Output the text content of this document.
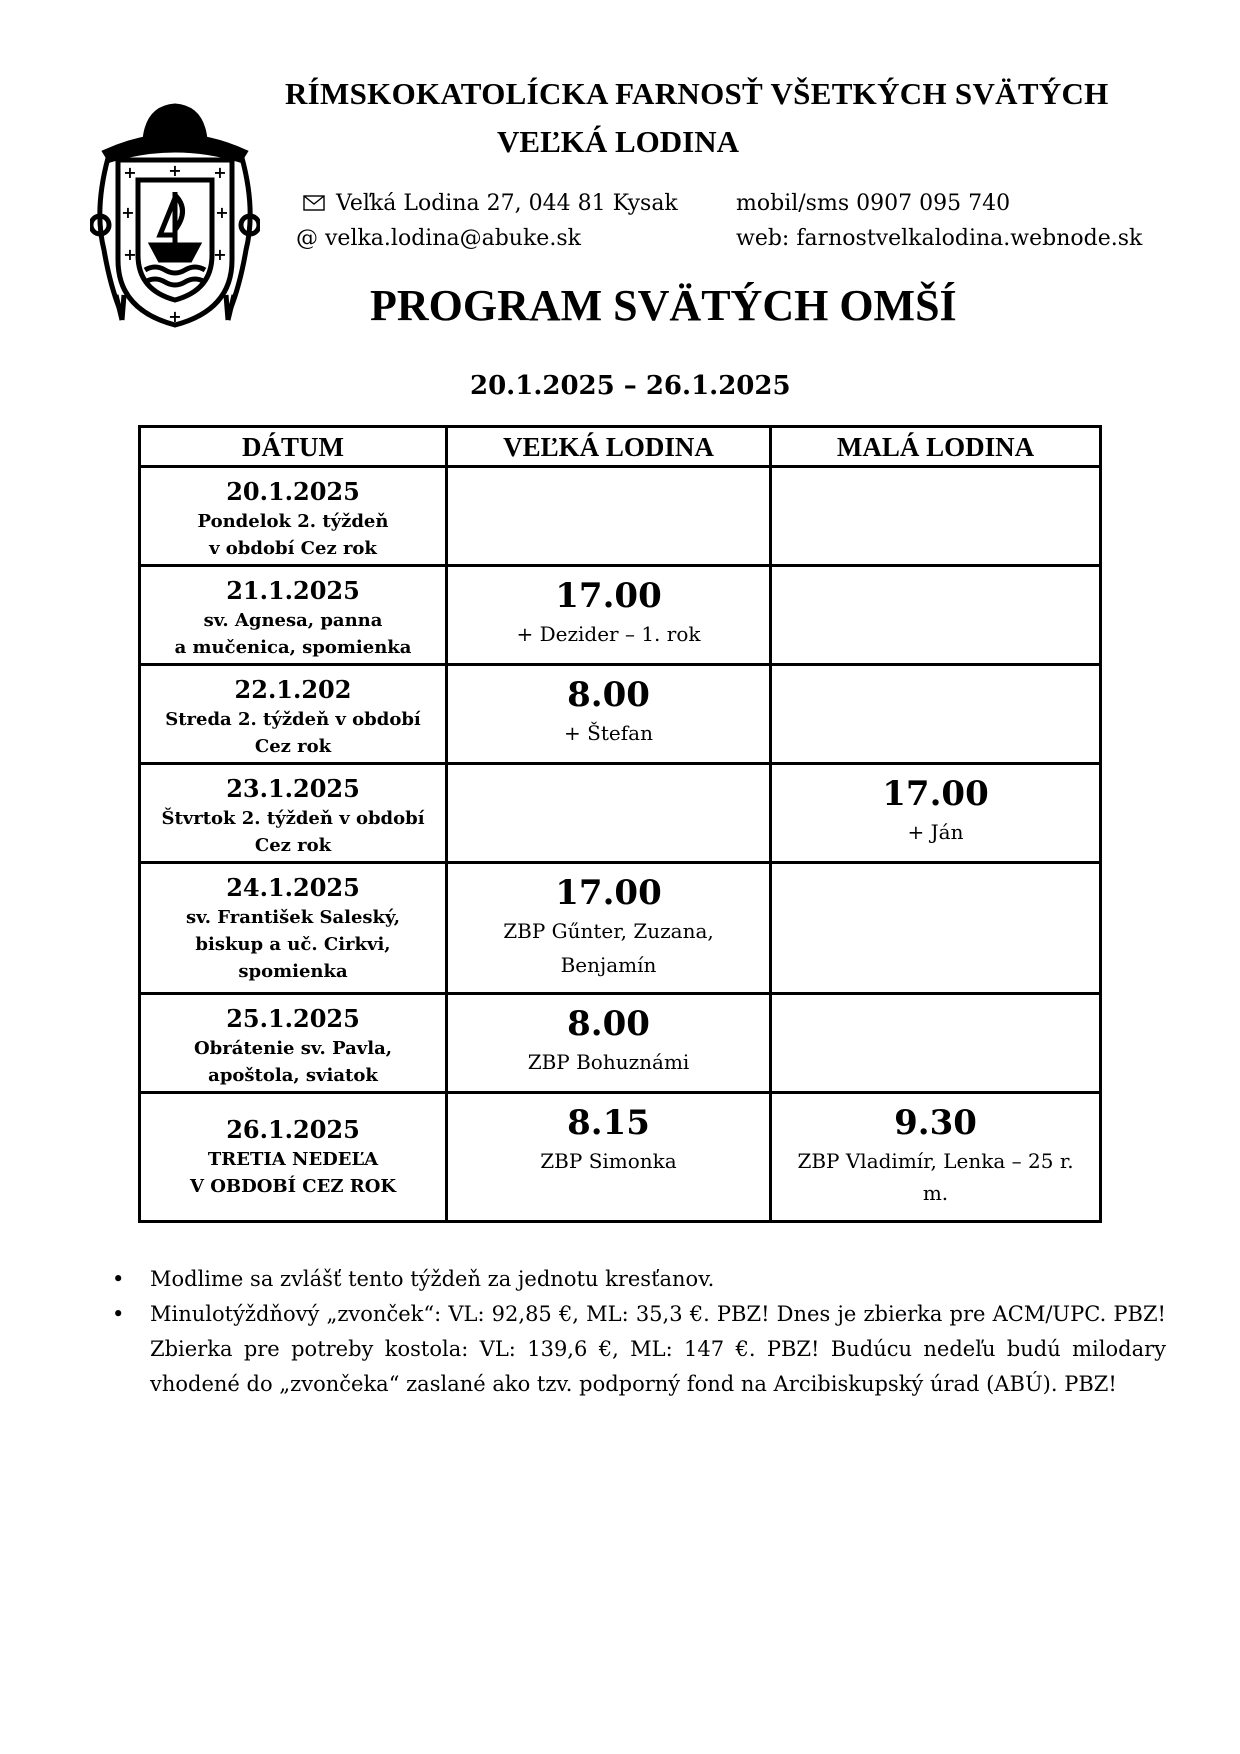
+ + +
+	+
+	+
+
RÍMSKOKATOLÍCKA FARNOSŤ VŠETKÝCH SVÄTÝCH
VEĽKÁ LODINA
Veľká Lodina 27, 044 81 Kysak
@ velka.lodina@abuke.sk
mobil/sms 0907 095 740
web: farnostvelkalodina.webnode.sk
PROGRAM SVÄTÝCH OMŠÍ
20.1.2025 – 26.1.2025
DÁTUM	VEĽKÁ LODINA	MALÁ LODINA

20.1.2025
Pondelok 2. týždeň
v období Cez rok		

21.1.2025
sv. Agnesa, panna
a mučenica, spomienka	17.00
+ Dezider – 1. rok	

22.1.202
Streda 2. týždeň v období
Cez rok	8.00
+ Štefan	

23.1.2025
Štvrtok 2. týždeň v období
Cez rok		17.00
+ Ján

24.1.2025
sv. František Saleský,
biskup a uč. Cirkvi,
spomienka	17.00
ZBP Gűnter, Zuzana,
Benjamín	

25.1.2025
Obrátenie sv. Pavla,
apoštola, sviatok	8.00
ZBP Bohuznámi	

26.1.2025
TRETIA NEDEĽA
V OBDOBÍ CEZ ROK	8.15
ZBP Simonka	9.30
ZBP Vladimír, Lenka – 25 r.
m.
• Modlime sa zvlášť tento týždeň za jednotu kresťanov.
• Minulotýždňový „zvonček“: VL: 92,85 €, ML: 35,3 €. PBZ! Dnes je zbierka pre ACM/UPC. PBZ! Zbierka pre potreby kostola: VL: 139,6 €, ML: 147 €. PBZ! Budúcu nedeľu budú milodary vhodené do „zvončeka“ zaslané ako tzv. podporný fond na Arcibiskupský úrad (ABÚ). PBZ!
